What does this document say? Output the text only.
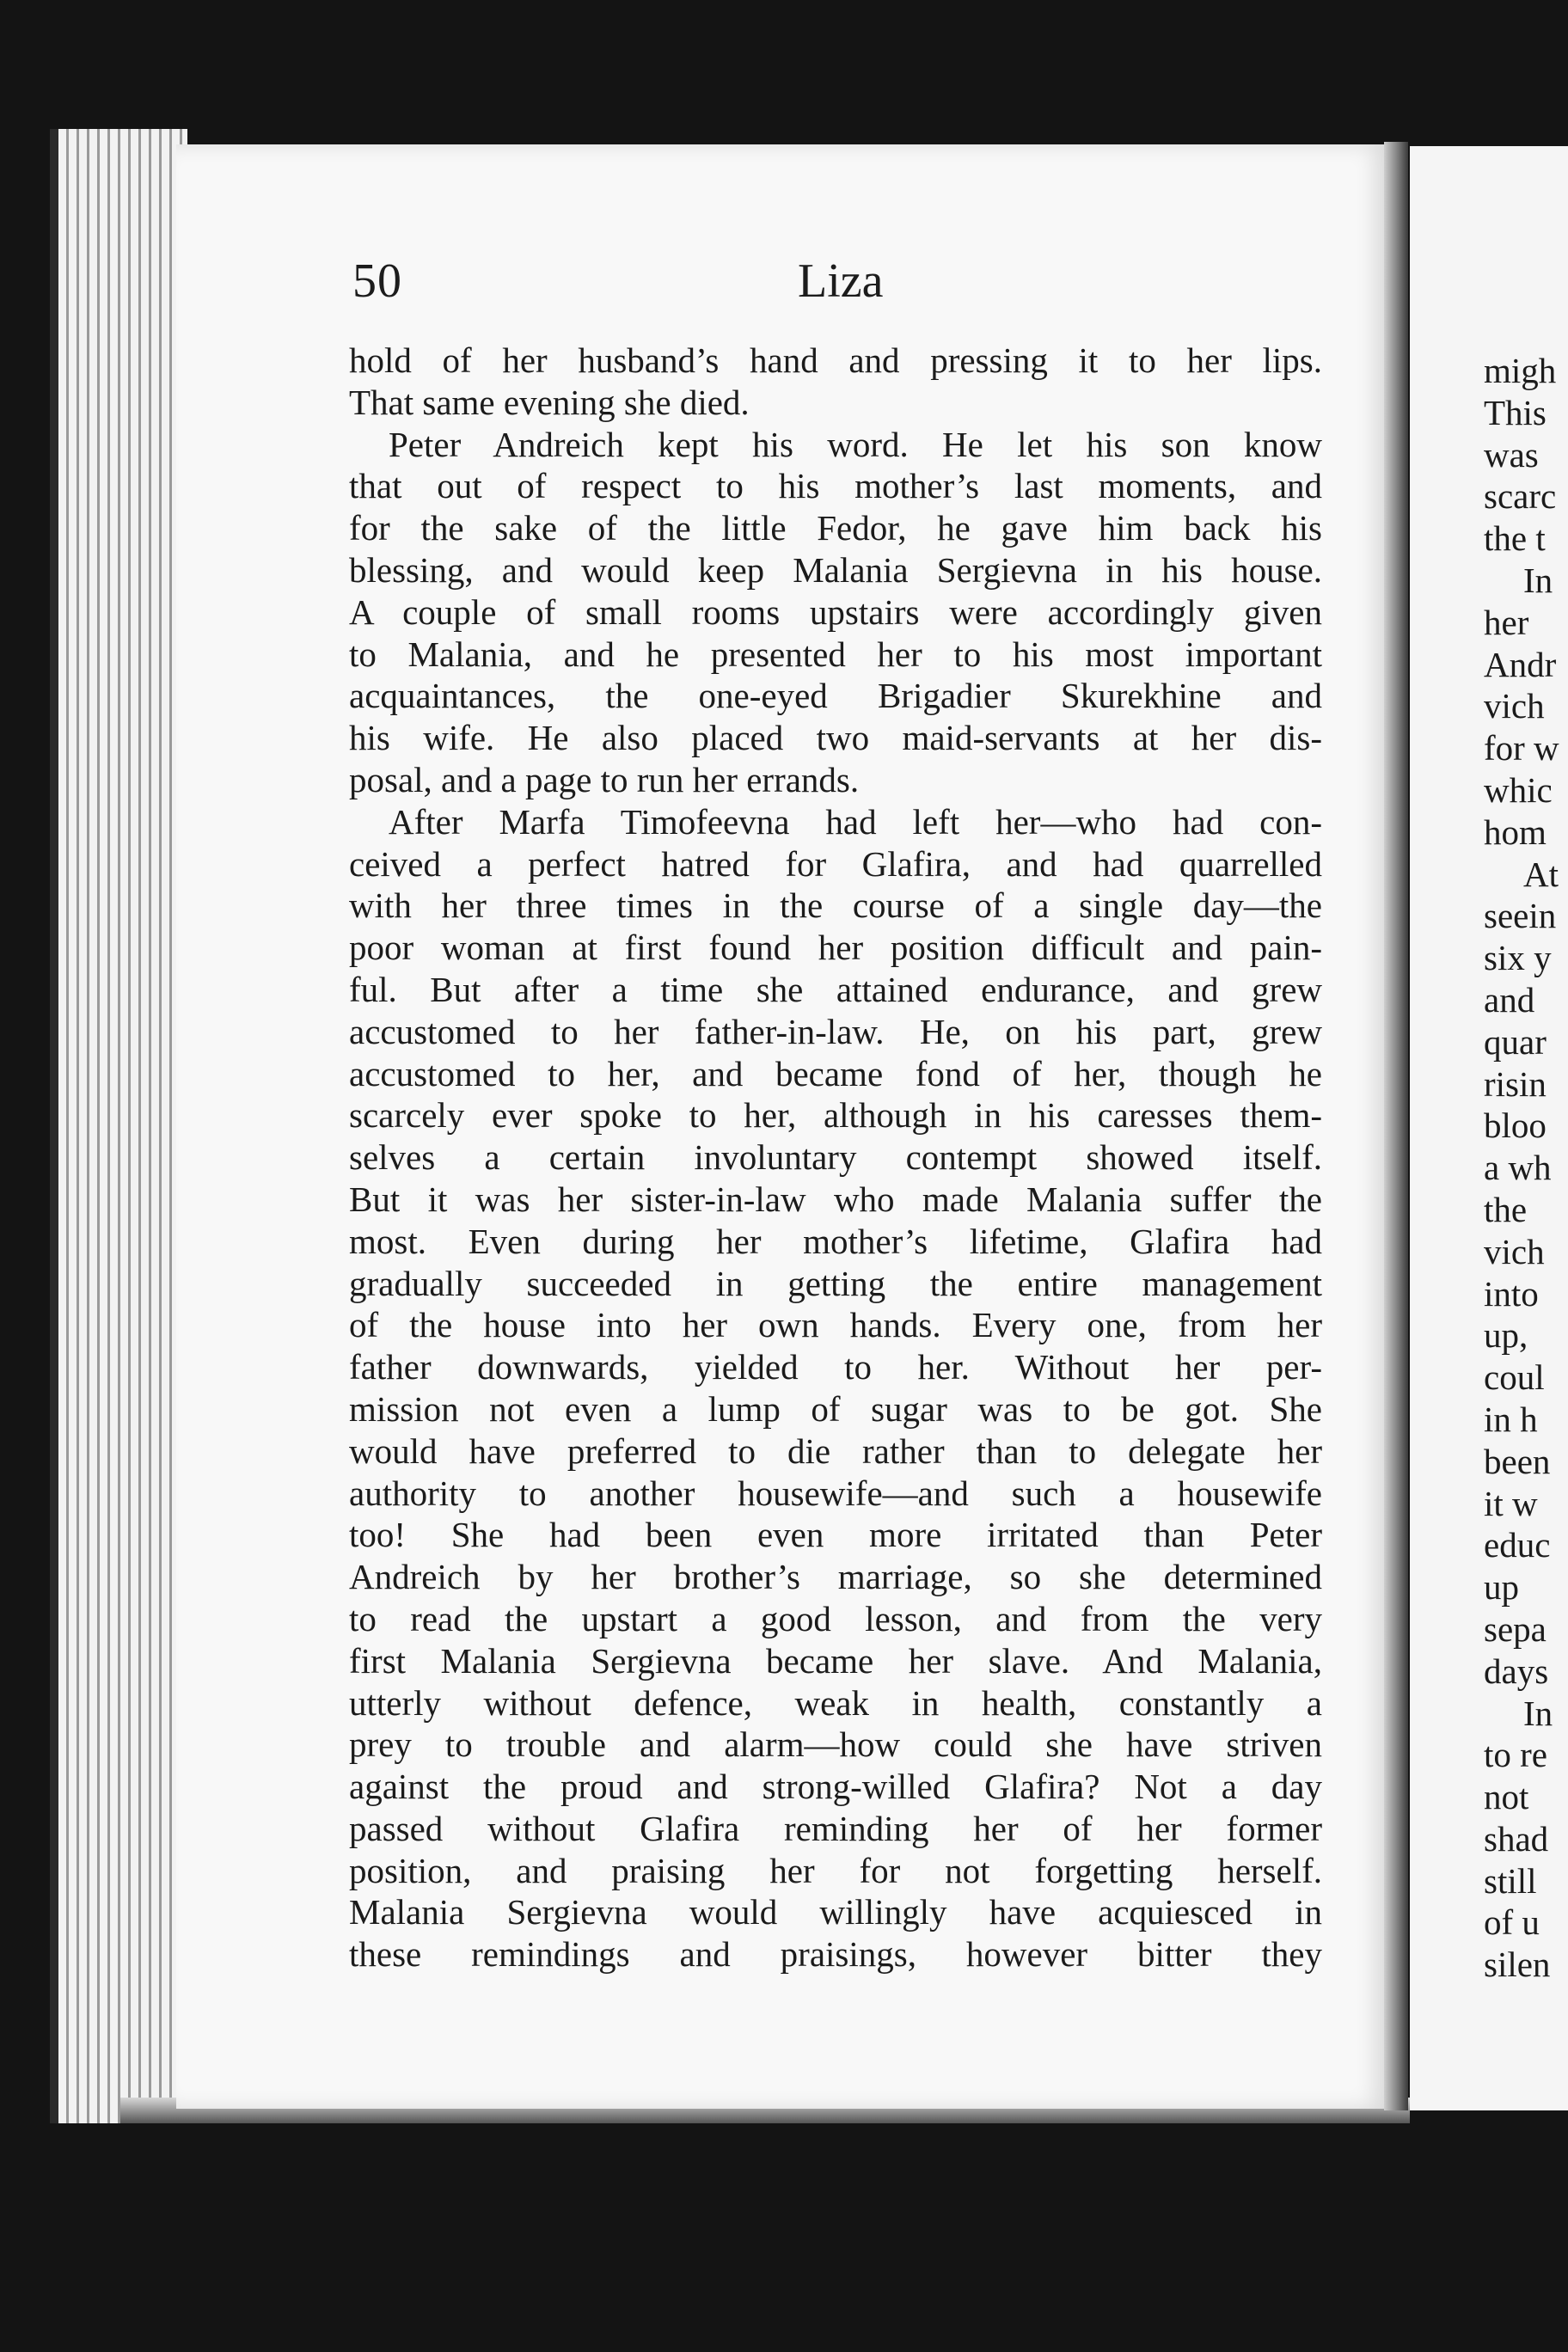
50	Liza
hold of her husband’s hand and pressing it to her lips.
That same evening she died.
Peter Andreich kept his word. He let his son know
that out of respect to his mother’s last moments, and
for the sake of the little Fedor, he gave him back his
blessing, and would keep Malania Sergievna in his house.
A couple of small rooms upstairs were accordingly given
to Malania, and he presented her to his most important
acquaintances, the one-eyed Brigadier Skurekhine and
his wife. He also placed two maid-servants at her dis-
posal, and a page to run her errands.
After Marfa Timofeevna had left her—who had con-
ceived a perfect hatred for Glafira, and had quarrelled
with her three times in the course of a single day—the
poor woman at first found her position difficult and pain-
ful. But after a time she attained endurance, and grew
accustomed to her father-in-law. He, on his part, grew
accustomed to her, and became fond of her, though he
scarcely ever spoke to her, although in his caresses them-
selves a certain involuntary contempt showed itself.
But it was her sister-in-law who made Malania suffer the
most. Even during her mother’s lifetime, Glafira had
gradually succeeded in getting the entire management
of the house into her own hands. Every one, from her
father downwards, yielded to her. Without her per-
mission not even a lump of sugar was to be got. She
would have preferred to die rather than to delegate her
authority to another housewife—and such a housewife
too! She had been even more irritated than Peter
Andreich by her brother’s marriage, so she determined
to read the upstart a good lesson, and from the very
first Malania Sergievna became her slave. And Malania,
utterly without defence, weak in health, constantly a
prey to trouble and alarm—how could she have striven
against the proud and strong-willed Glafira? Not a day
passed without Glafira reminding her of her former
position, and praising her for not forgetting herself.
Malania Sergievna would willingly have acquiesced in
these remindings and praisings, however bitter they
migh
This
was
scarc
the t
In
her
Andr
vich
for w
whic
hom
At
seein
six y
and
quar
risin
bloo
a wh
the
vich
into
up,
coul
in h
been
it w
educ
up
sepa
days
In
to re
not
shad
still
of u
silen
